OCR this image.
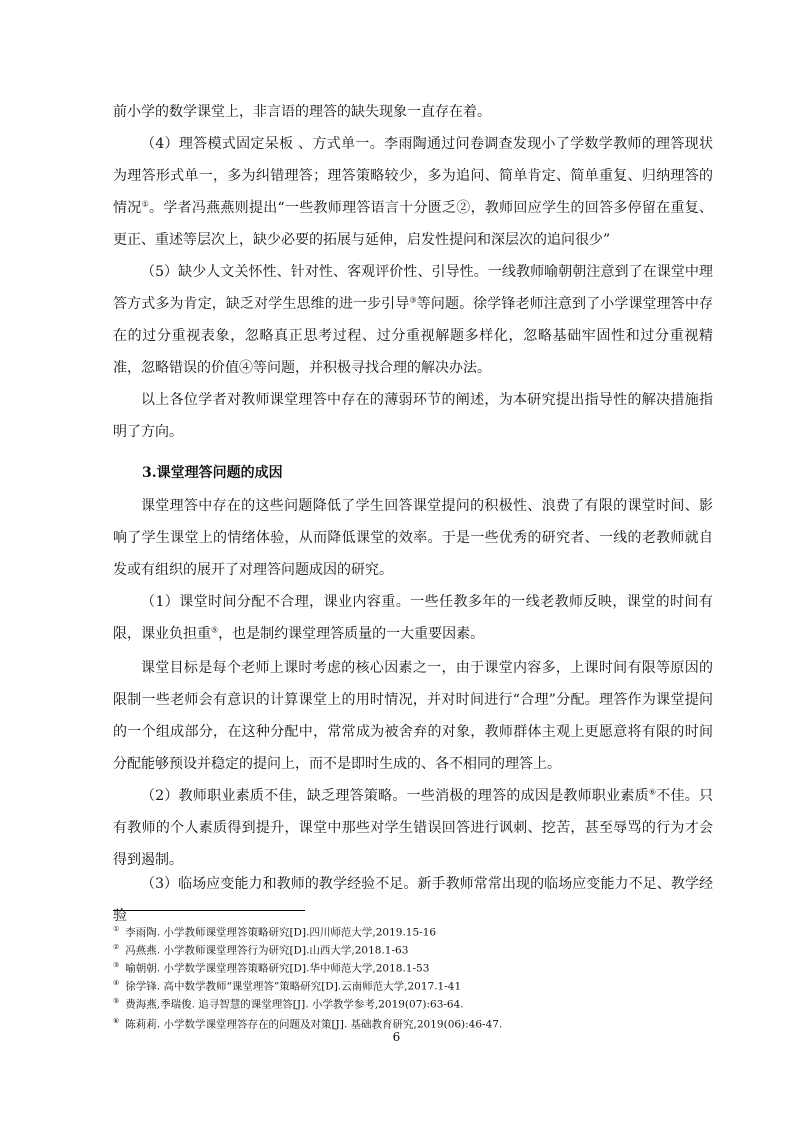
前小学的数学课堂上，非言语的理答的缺失现象一直存在着。

（4）理答模式固定呆板 、方式单一。李雨陶通过问卷调查发现小了学数学教师的理答现状为理答形式单一，多为纠错理答；理答策略较少，多为追问、简单肯定、简单重复、归纳理答的情况①。学者冯燕燕则提出“一些教师理答语言十分匮乏②，教师回应学生的回答多停留在重复、更正、重述等层次上，缺少必要的拓展与延伸，启发性提问和深层次的追问很少”

（5）缺少人文关怀性、针对性、客观评价性、引导性。一线教师喻朝朝注意到了在课堂中理答方式多为肯定，缺乏对学生思维的进一步引导③等问题。徐学锋老师注意到了小学课堂理答中存在的过分重视表象，忽略真正思考过程、过分重视解题多样化，忽略基础牢固性和过分重视精准，忽略错误的价值④等问题，并积极寻找合理的解决办法。

以上各位学者对教师课堂理答中存在的薄弱环节的阐述，为本研究提出指导性的解决措施指明了方向。

3.课堂理答问题的成因

课堂理答中存在的这些问题降低了学生回答课堂提问的积极性、浪费了有限的课堂时间、影响了学生课堂上的情绪体验，从而降低课堂的效率。于是一些优秀的研究者、一线的老教师就自发或有组织的展开了对理答问题成因的研究。

（1）课堂时间分配不合理，课业内容重。一些任教多年的一线老教师反映，课堂的时间有限，课业负担重⑤，也是制约课堂理答质量的一大重要因素。

课堂目标是每个老师上课时考虑的核心因素之一，由于课堂内容多，上课时间有限等原因的限制一些老师会有意识的计算课堂上的用时情况，并对时间进行“合理”分配。理答作为课堂提问的一个组成部分，在这种分配中，常常成为被舍弃的对象，教师群体主观上更愿意将有限的时间分配能够预设并稳定的提问上，而不是即时生成的、各不相同的理答上。

（2）教师职业素质不佳，缺乏理答策略。一些消极的理答的成因是教师职业素质⑥不佳。只有教师的个人素质得到提升，课堂中那些对学生错误回答进行讽刺、挖苦，甚至辱骂的行为才会得到遏制。

（3）临场应变能力和教师的教学经验不足。新手教师常常出现的临场应变能力不足、教学经验

① 李雨陶. 小学教师课堂理答策略研究[D].四川师范大学,2019.15-16

② 冯燕燕. 小学教师课堂理答行为研究[D].山西大学,2018.1-63

③ 喻朝朝. 小学数学课堂理答策略研究[D].华中师范大学,2018.1-53

④ 徐学锋. 高中数学教师“课堂理答”策略研究[D].云南师范大学,2017.1-41

⑤ 费海燕,季瑞俊. 追寻智慧的课堂理答[J]. 小学教学参考,2019(07):63-64.

⑥ 陈莉莉. 小学数学课堂理答存在的问题及对策[J]. 基础教育研究,2019(06):46-47.

6
